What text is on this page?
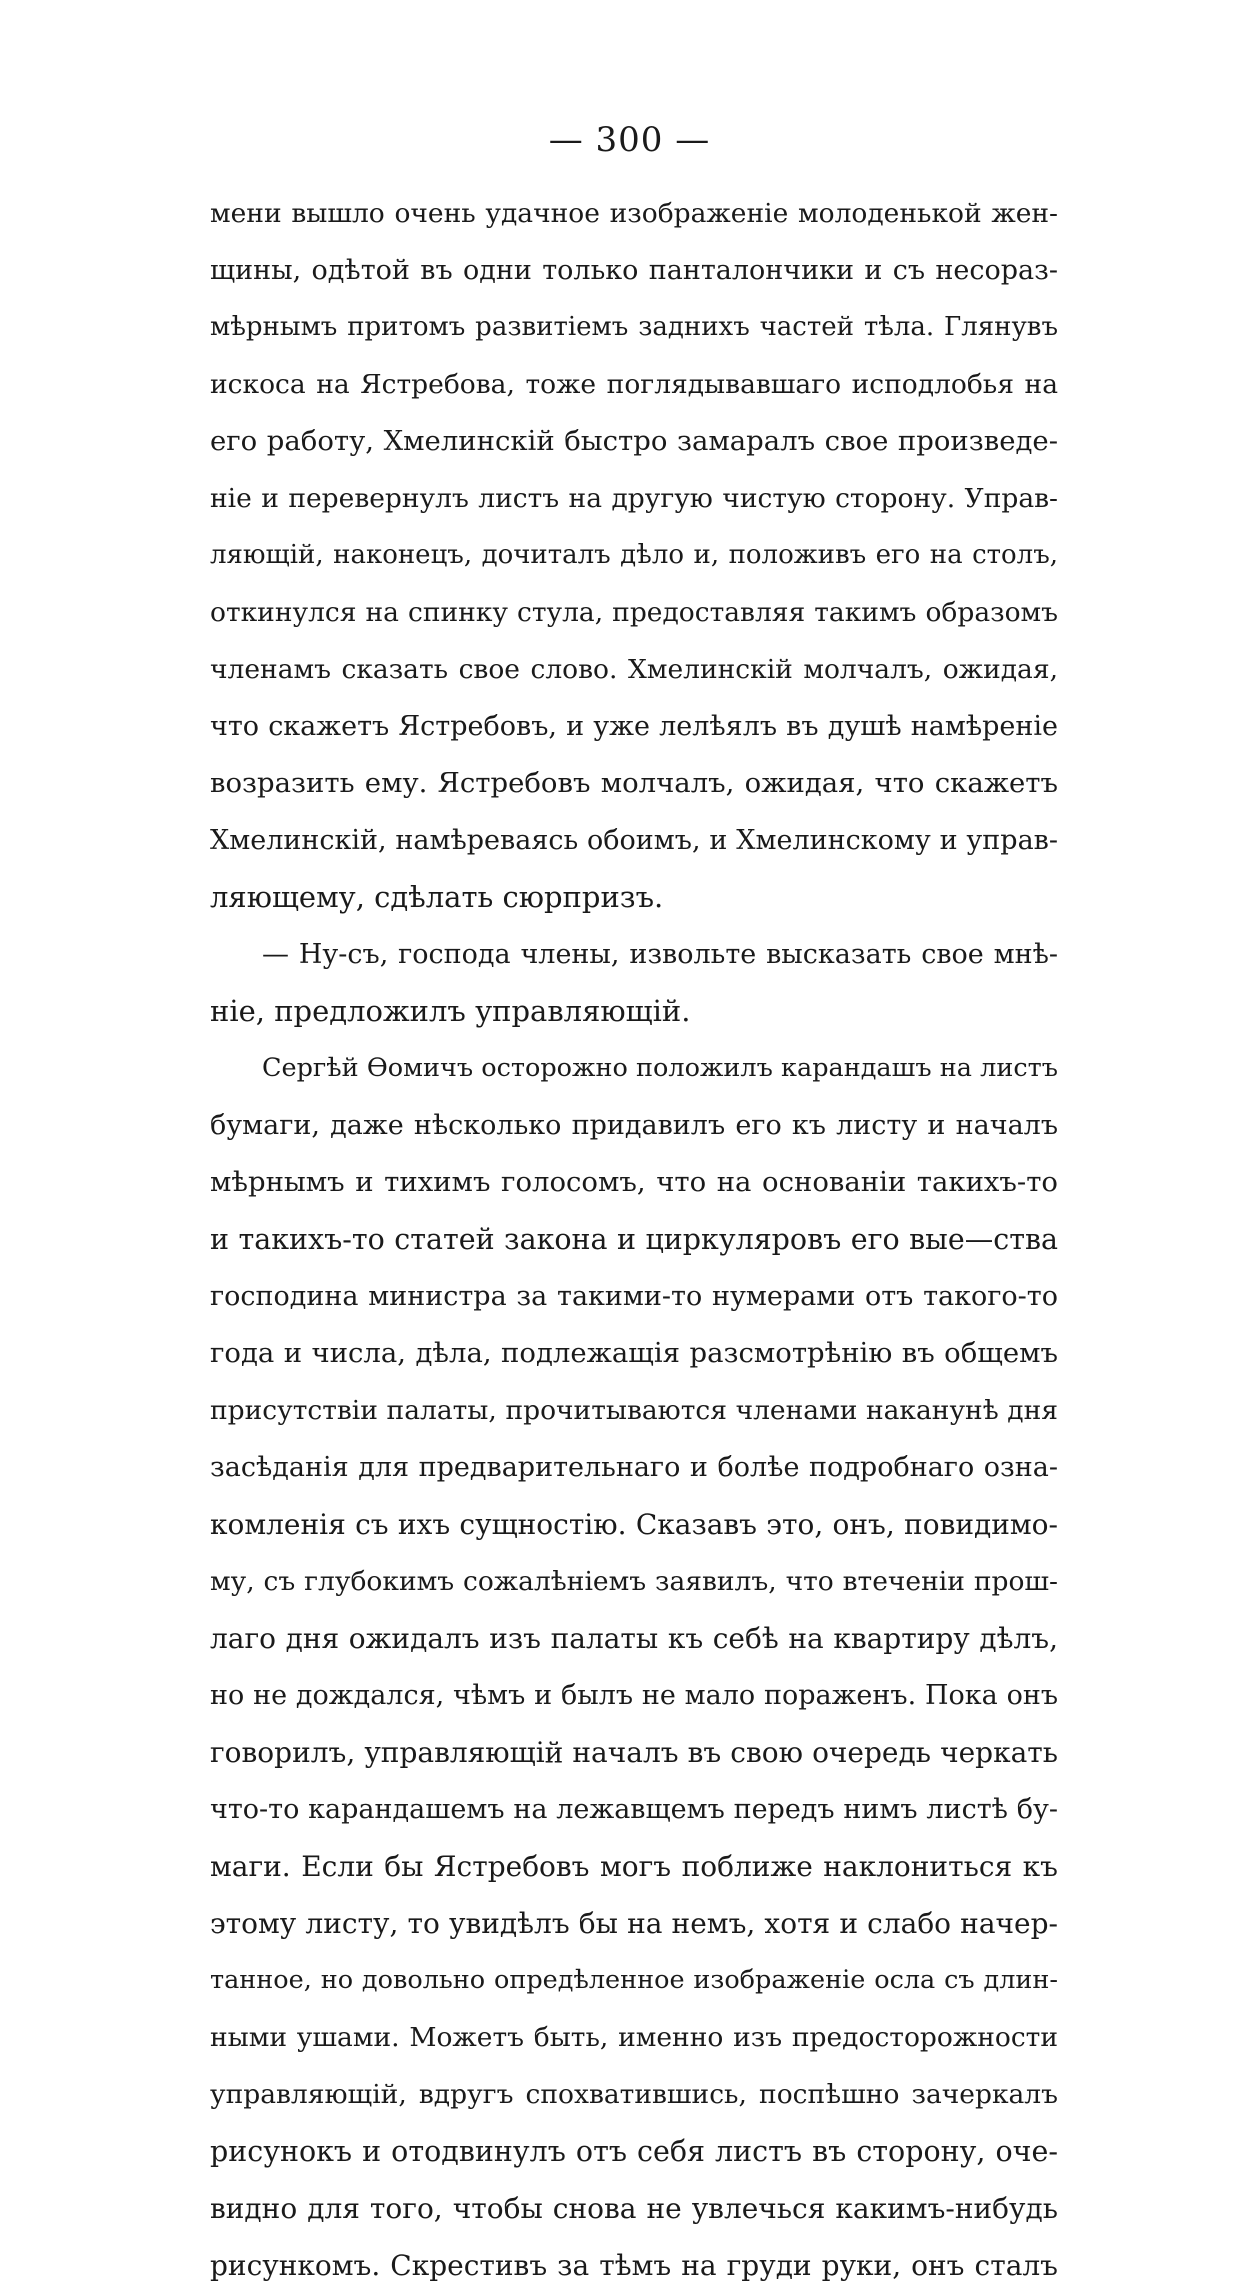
— 300 —
мени вышло очень удачное изображеніе молоденькой жен-
щины, одѣтой въ одни только панталончики и съ несораз-
мѣрнымъ притомъ развитіемъ заднихъ частей тѣла. Глянувъ
искоса на Ястребова, тоже поглядывавшаго исподлобья на
его работу, Хмелинскій быстро замаралъ свое произведе-
ніе и перевернулъ листъ на другую чистую сторону. Управ-
ляющій, наконецъ, дочиталъ дѣло и, положивъ его на столъ,
откинулся на спинку стула, предоставляя такимъ образомъ
членамъ сказать свое слово. Хмелинскій молчалъ, ожидая,
что скажетъ Ястребовъ, и уже лелѣялъ въ душѣ намѣреніе
возразить ему. Ястребовъ молчалъ, ожидая, что скажетъ
Хмелинскій, намѣреваясь обоимъ, и Хмелинскому и управ-
ляющему, сдѣлать сюрпризъ.
— Ну-съ, господа члены, извольте высказать свое мнѣ-
ніе, предложилъ управляющій.
Сергѣй Ѳомичъ осторожно положилъ карандашъ на листъ
бумаги, даже нѣсколько придавилъ его къ листу и началъ
мѣрнымъ и тихимъ голосомъ, что на основаніи такихъ-то
и такихъ-то статей закона и циркуляровъ его вые—ства
господина министра за такими-то нумерами отъ такого-то
года и числа, дѣла, подлежащія разсмотрѣнію въ общемъ
присутствіи палаты, прочитываются членами наканунѣ дня
засѣданія для предварительнаго и болѣе подробнаго озна-
комленія съ ихъ сущностію. Сказавъ это, онъ, повидимо-
му, съ глубокимъ сожалѣніемъ заявилъ, что втеченіи прош-
лаго дня ожидалъ изъ палаты къ себѣ на квартиру дѣлъ,
но не дождался, чѣмъ и былъ не мало пораженъ. Пока онъ
говорилъ, управляющій началъ въ свою очередь черкать
что-то карандашемъ на лежавщемъ передъ нимъ листѣ бу-
маги. Если бы Ястребовъ могъ поближе наклониться къ
этому листу, то увидѣлъ бы на немъ, хотя и слабо начер-
танное, но довольно опредѣленное изображеніе осла съ длин-
ными ушами. Можетъ быть, именно изъ предосторожности
управляющій, вдругъ спохватившись, поспѣшно зачеркалъ
рисунокъ и отодвинулъ отъ себя листъ въ сторону, оче-
видно для того, чтобы снова не увлечься какимъ-нибудь
рисункомъ. Скрестивъ за тѣмъ на груди руки, онъ сталъ
